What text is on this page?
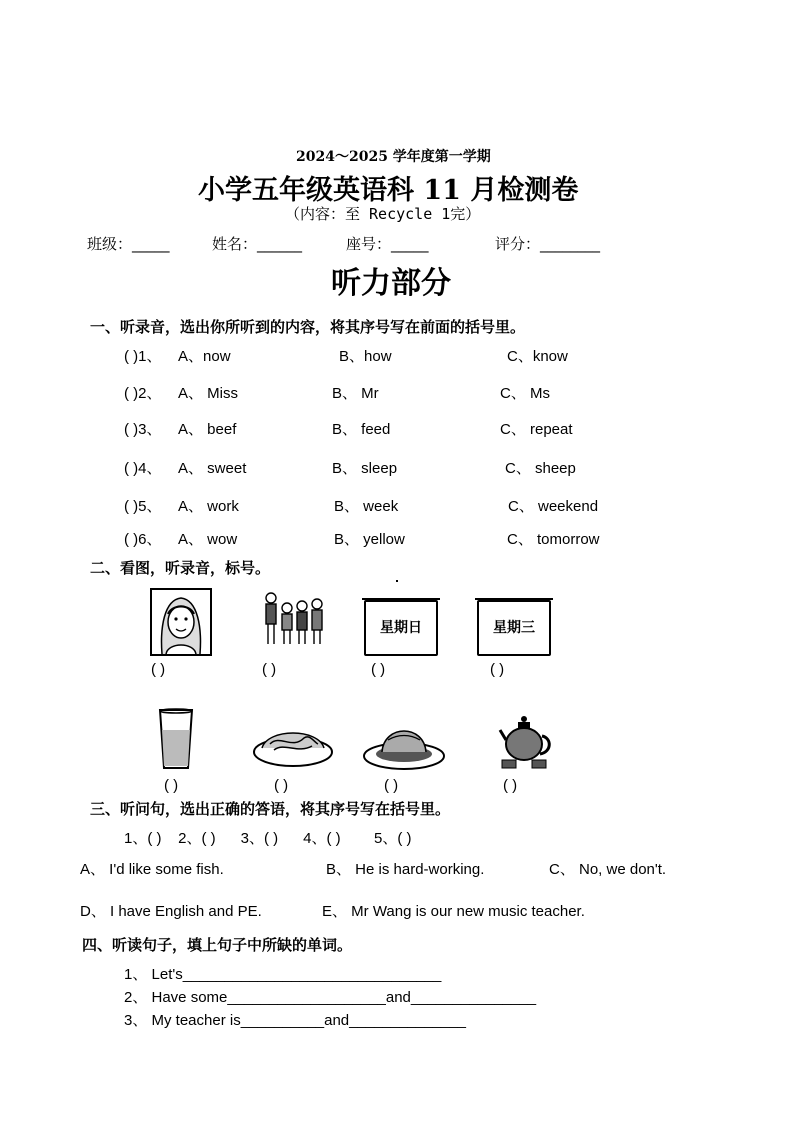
2024～2025 学年度第一学期
小学五年级英语科 11 月检测卷
（内容：至 Recycle 1完）
班级：_____	姓名：______	座号：_____	评分：________
听力部分
一、听录音，选出你所听到的内容，将其序号写在前面的括号里。
( )1、 A、now	B、how	C、know
( )2、 A、 Miss	B、 Mr	C、 Ms
( )3、 A、 beef	B、 feed	C、 repeat
( )4、 A、 sweet	B、 sleep	C、 sheep
( )5、 A、 work	B、 week	C、 weekend
( )6、 A、 wow	B、 yellow	C、 tomorrow
二、看图，听录音，标号。
星期日	星期三
( )	( )	( )	( )
( )	( )	( )	( )
三、听问句，选出正确的答语，将其序号写在括号里。
1、( )    2、( )      3、( )      4、( )        5、( )
A、 I'd like some fish.	B、 He is hard-working.	C、 No, we don't.
D、 I have English and PE.	E、 Mr Wang is our new music teacher.
四、听读句子，填上句子中所缺的单词。
1、 Let's_______________________________
2、 Have some___________________and_______________
3、 My teacher is__________and______________
